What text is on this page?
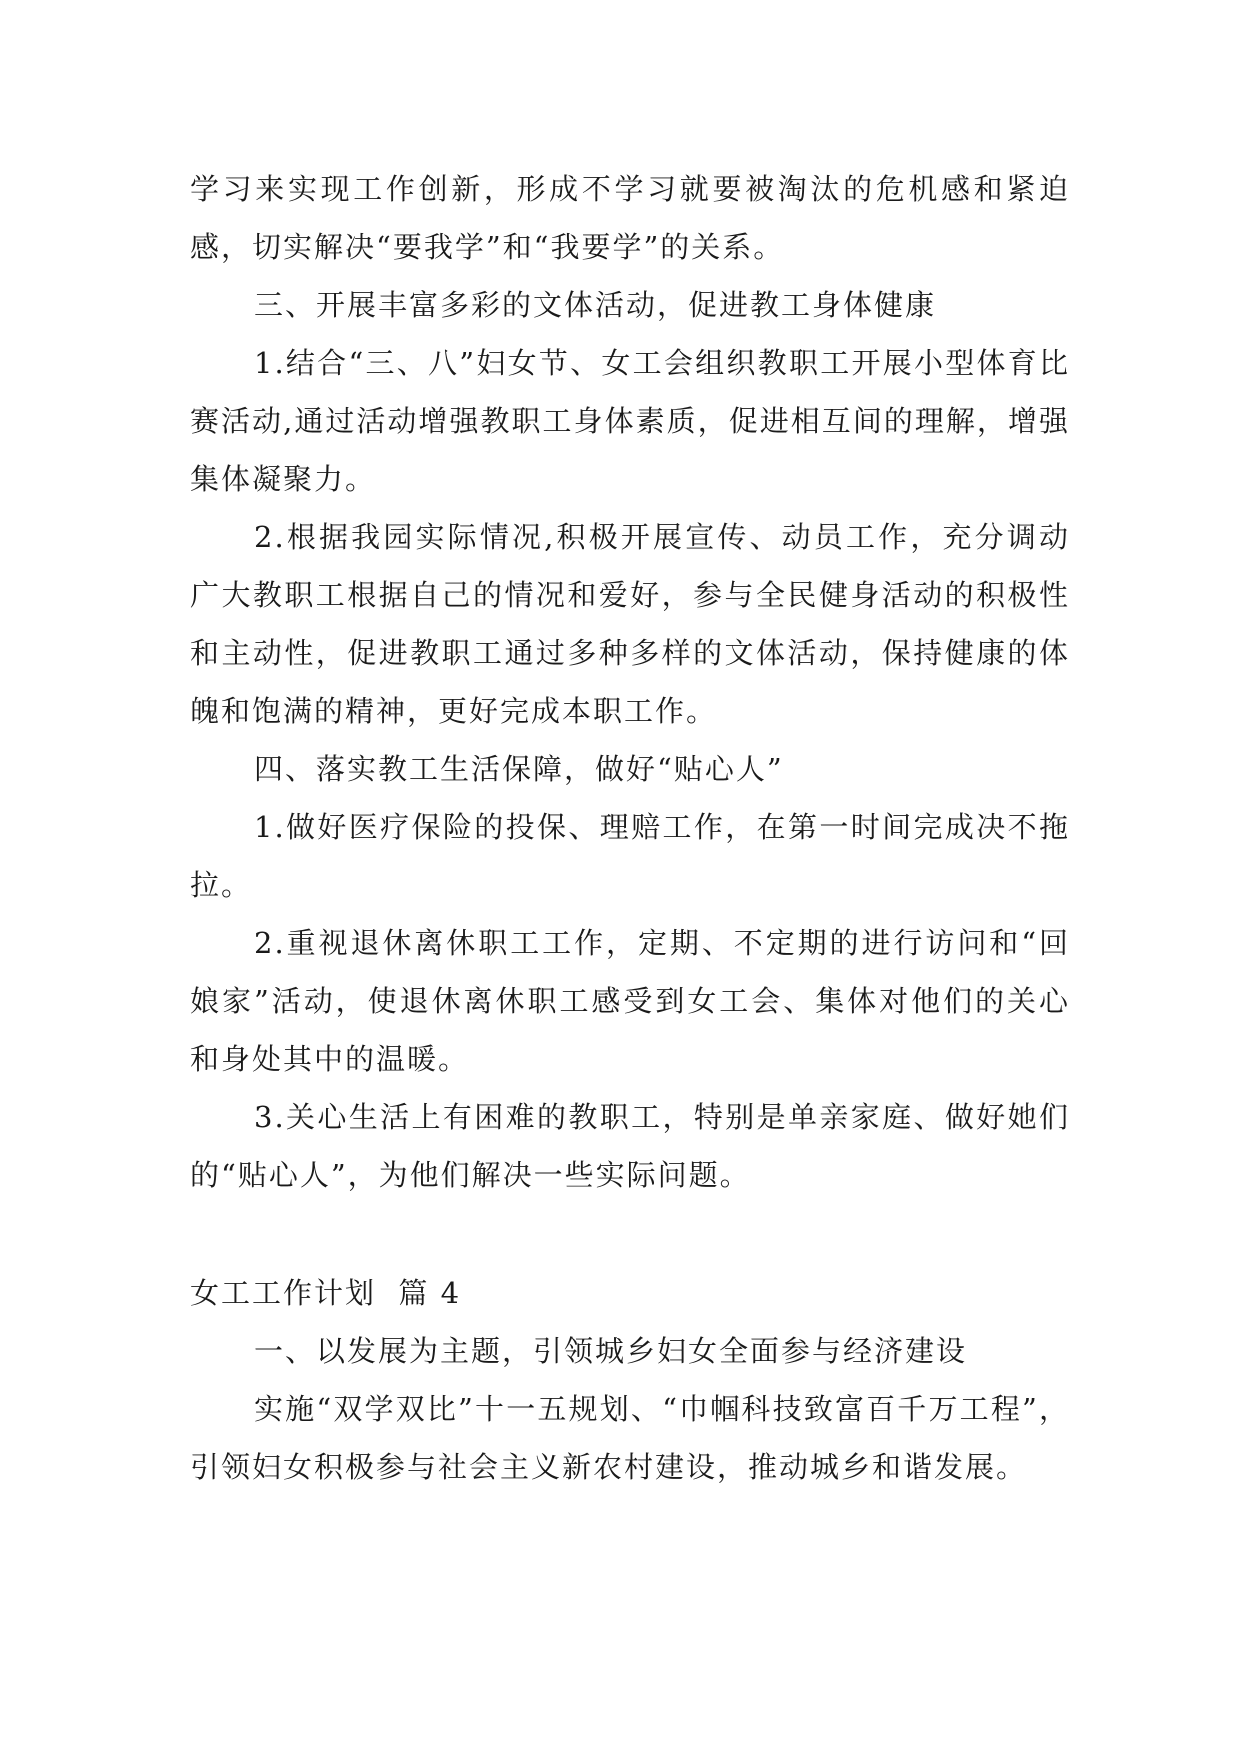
学习来实现工作创新，形成不学习就要被淘汰的危机感和紧迫感，切实解决“要我学”和“我要学”的关系。

三、开展丰富多彩的文体活动，促进教工身体健康

1.结合“三、八”妇女节、女工会组织教职工开展小型体育比赛活动,通过活动增强教职工身体素质，促进相互间的理解，增强集体凝聚力。

2.根据我园实际情况,积极开展宣传、动员工作，充分调动广大教职工根据自己的情况和爱好，参与全民健身活动的积极性和主动性，促进教职工通过多种多样的文体活动，保持健康的体魄和饱满的精神，更好完成本职工作。

四、落实教工生活保障，做好“贴心人”

1.做好医疗保险的投保、理赔工作，在第一时间完成决不拖拉。

2.重视退休离休职工工作，定期、不定期的进行访问和“回娘家”活动，使退休离休职工感受到女工会、集体对他们的关心和身处其中的温暖。

3.关心生活上有困难的教职工，特别是单亲家庭、做好她们的“贴心人”，为他们解决一些实际问题。

女工工作计划  篇 4

一、以发展为主题，引领城乡妇女全面参与经济建设

实施“双学双比”十一五规划、“巾帼科技致富百千万工程”，引领妇女积极参与社会主义新农村建设，推动城乡和谐发展。
